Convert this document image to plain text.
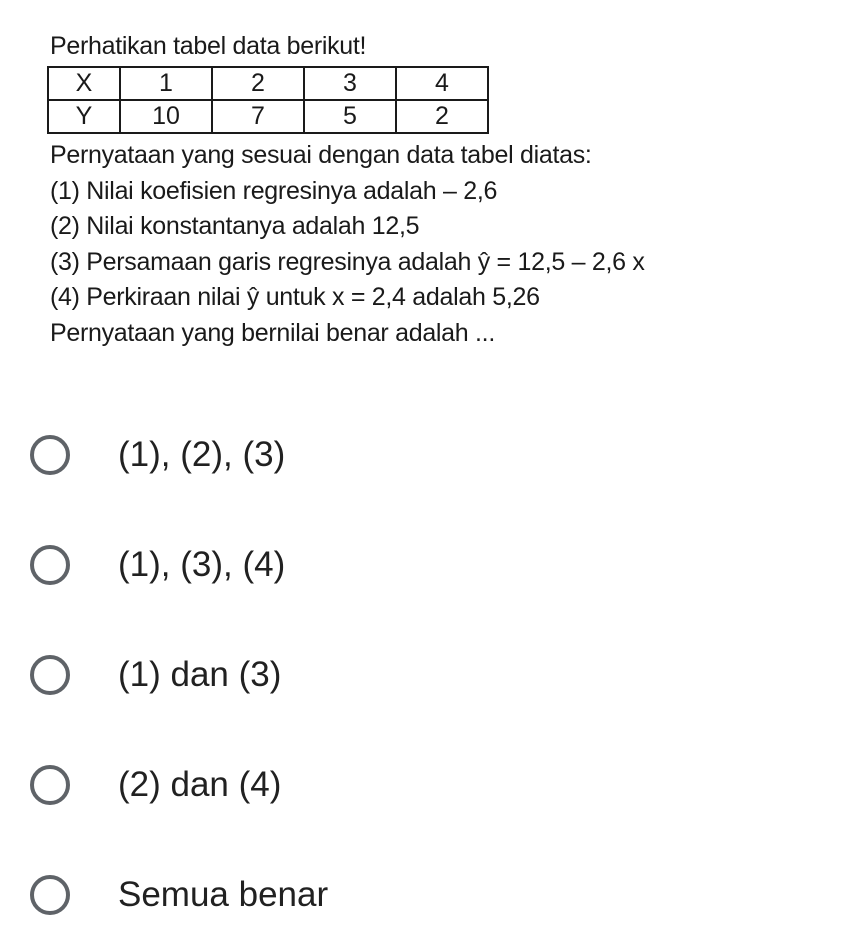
Perhatikan tabel data berikut!
X	1	2	3	4
Y	10	7	5	2
Pernyataan yang sesuai dengan data tabel diatas:
(1) Nilai koefisien regresinya adalah – 2,6
(2) Nilai konstantanya adalah 12,5
(3) Persamaan garis regresinya adalah ŷ = 12,5 – 2,6 x
(4) Perkiraan nilai ŷ untuk x = 2,4 adalah 5,26
Pernyataan yang bernilai benar adalah ...
(1), (2), (3)
(1), (3), (4)
(1) dan (3)
(2) dan (4)
Semua benar
